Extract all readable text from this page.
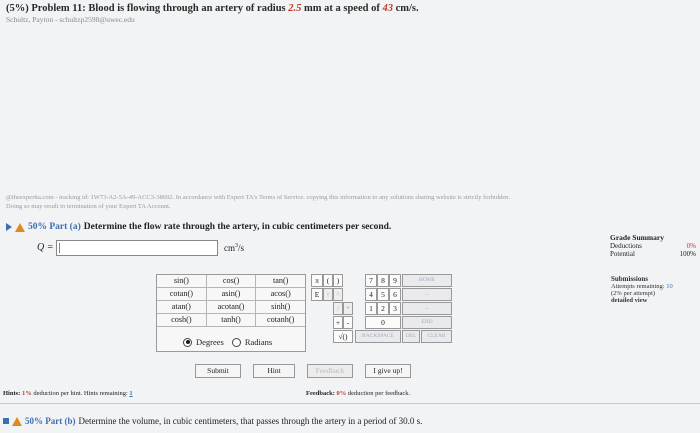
(5%) Problem 11: Blood is flowing through an artery of radius 2.5 mm at a speed of 43 cm/s.
Schultz, Payton - schultzp2598@uwec.edu
@theexpertta.com - tracking id: 1W73-A2-5A-49-ACC3-38692. In accordance with Expert TA's Terms of Service. copying this information to any solutions sharing website is strictly forbidden.
Doing so may result in termination of your Expert TA Account.
50% Part (a) Determine the flow rate through the artery, in cubic centimeters per second.
Q =	$cm^3/s$
sin()	cos()	tan()
cotan()	asin()	acos()
atan()	acotan()	sinh()
cosh()	tanh()	cotanh()
Degrees Radians
π	(	)	7	8	9	HOME
E ↑ ^	4	5	6	→
/ *	1	2	3	←
+ -	0	END
√()	BACKSPACE	DEL	CLEAR
Submit	Hint	Feedback	I give up!
Hints: 1% deduction per hint. Hints remaining: 1	Feedback: 0% deduction per feedback.
50% Part (b) Determine the volume, in cubic centimeters, that passes through the artery in a period of 30.0 s.
Grade Summary
Deductions	0%
Potential	100%
Submissions
Attempts remaining: 10
(2% per attempt)
detailed view
